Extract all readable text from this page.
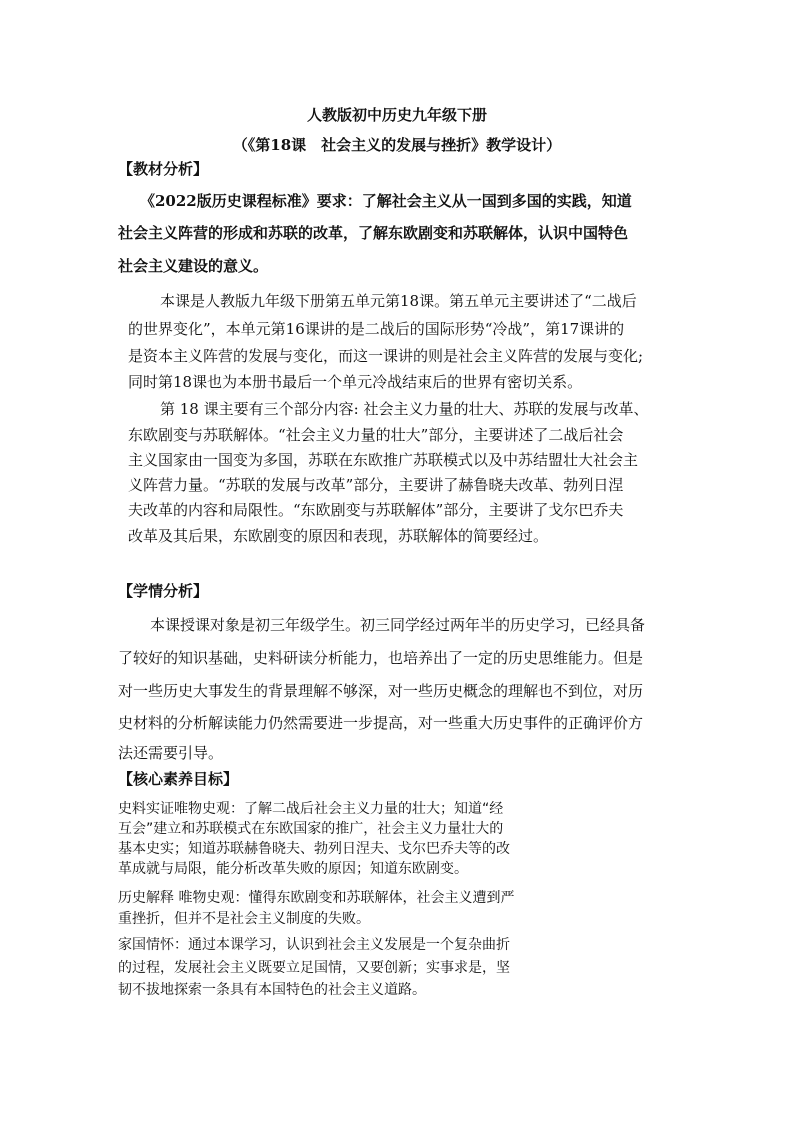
人教版初中历史九年级下册
（《第18课　社会主义的发展与挫折》教学设计）
【教材分析】
《2022版历史课程标准》要求：了解社会主义从一国到多国的实践，知道
社会主义阵营的形成和苏联的改革，了解东欧剧变和苏联解体，认识中国特色
社会主义建设的意义。
本课是人教版九年级下册第五单元第18课。第五单元主要讲述了“二战后
的世界变化”，本单元第16课讲的是二战后的国际形势“冷战”，第17课讲的
是资本主义阵营的发展与变化，而这一课讲的则是社会主义阵营的发展与变化;
同时第18课也为本册书最后一个单元冷战结束后的世界有密切关系。
第 18 课主要有三个部分内容: 社会主义力量的壮大、苏联的发展与改革、
东欧剧变与苏联解体。“社会主义力量的壮大”部分，主要讲述了二战后社会
主义国家由一国变为多国，苏联在东欧推广苏联模式以及中苏结盟壮大社会主
义阵营力量。“苏联的发展与改革”部分，主要讲了赫鲁晓夫改革、勃列日涅
夫改革的内容和局限性。“东欧剧变与苏联解体”部分，主要讲了戈尔巴乔夫
改革及其后果，东欧剧变的原因和表现，苏联解体的简要经过。
【学情分析】
本课授课对象是初三年级学生。初三同学经过两年半的历史学习，已经具备
了较好的知识基础，史料研读分析能力，也培养出了一定的历史思维能力。但是
对一些历史大事发生的背景理解不够深，对一些历史概念的理解也不到位，对历
史材料的分析解读能力仍然需要进一步提高，对一些重大历史事件的正确评价方
法还需要引导。
【核心素养目标】
史料实证唯物史观：了解二战后社会主义力量的壮大；知道“经
互会”建立和苏联模式在东欧国家的推广，社会主义力量壮大的
基本史实；知道苏联赫鲁晓夫、勃列日涅夫、戈尔巴乔夫等的改
革成就与局限，能分析改革失败的原因；知道东欧剧变。
历史解释 唯物史观：懂得东欧剧变和苏联解体，社会主义遭到严
重挫折，但并不是社会主义制度的失败。
家国情怀：通过本课学习，认识到社会主义发展是一个复杂曲折
的过程，发展社会主义既要立足国情，又要创新；实事求是，坚
韧不拔地探索一条具有本国特色的社会主义道路。
